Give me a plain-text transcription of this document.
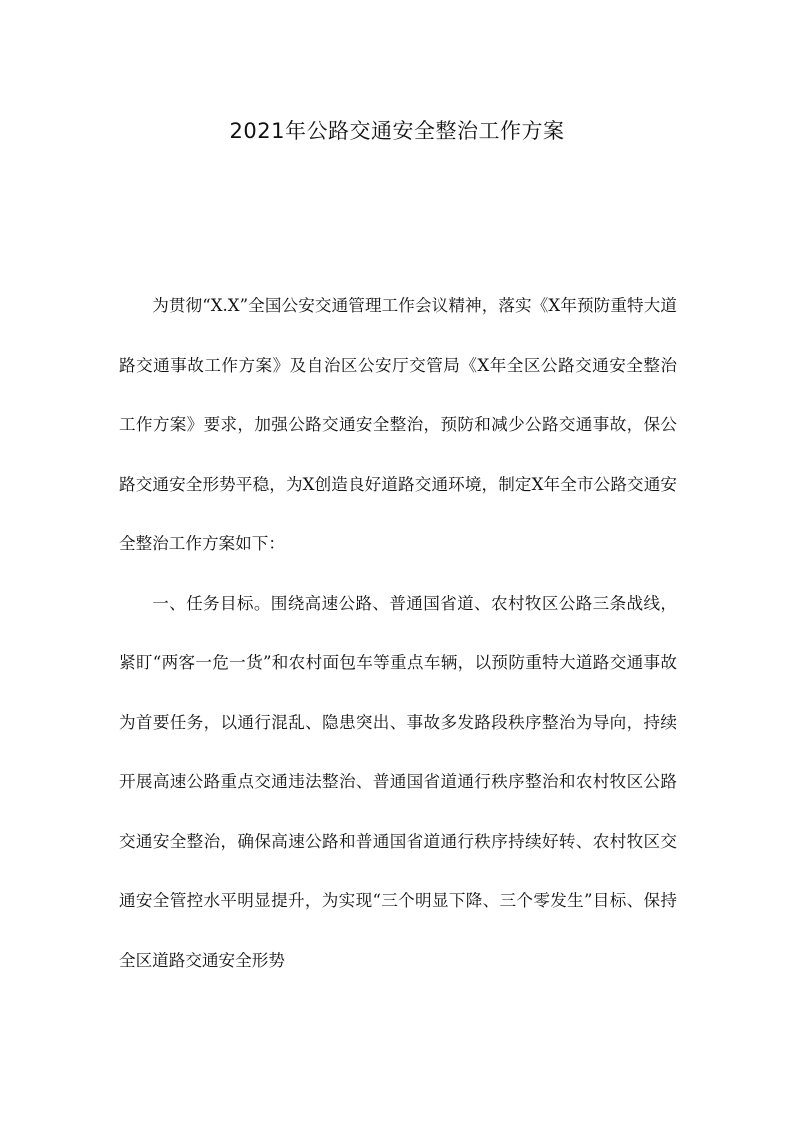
2021年公路交通安全整治工作方案

为贯彻“X.X”全国公安交通管理工作会议精神，落实《X年预防重特大道路交通事故工作方案》及自治区公安厅交管局《X年全区公路交通安全整治工作方案》要求，加强公路交通安全整治，预防和减少公路交通事故，保公路交通安全形势平稳，为X创造良好道路交通环境，制定X年全市公路交通安全整治工作方案如下：

一、任务目标。围绕高速公路、普通国省道、农村牧区公路三条战线，紧盯“两客一危一货”和农村面包车等重点车辆，以预防重特大道路交通事故为首要任务，以通行混乱、隐患突出、事故多发路段秩序整治为导向，持续开展高速公路重点交通违法整治、普通国省道通行秩序整治和农村牧区公路交通安全整治，确保高速公路和普通国省道通行秩序持续好转、农村牧区交通安全管控水平明显提升，为实现“三个明显下降、三个零发生”目标、保持全区道路交通安全形势
